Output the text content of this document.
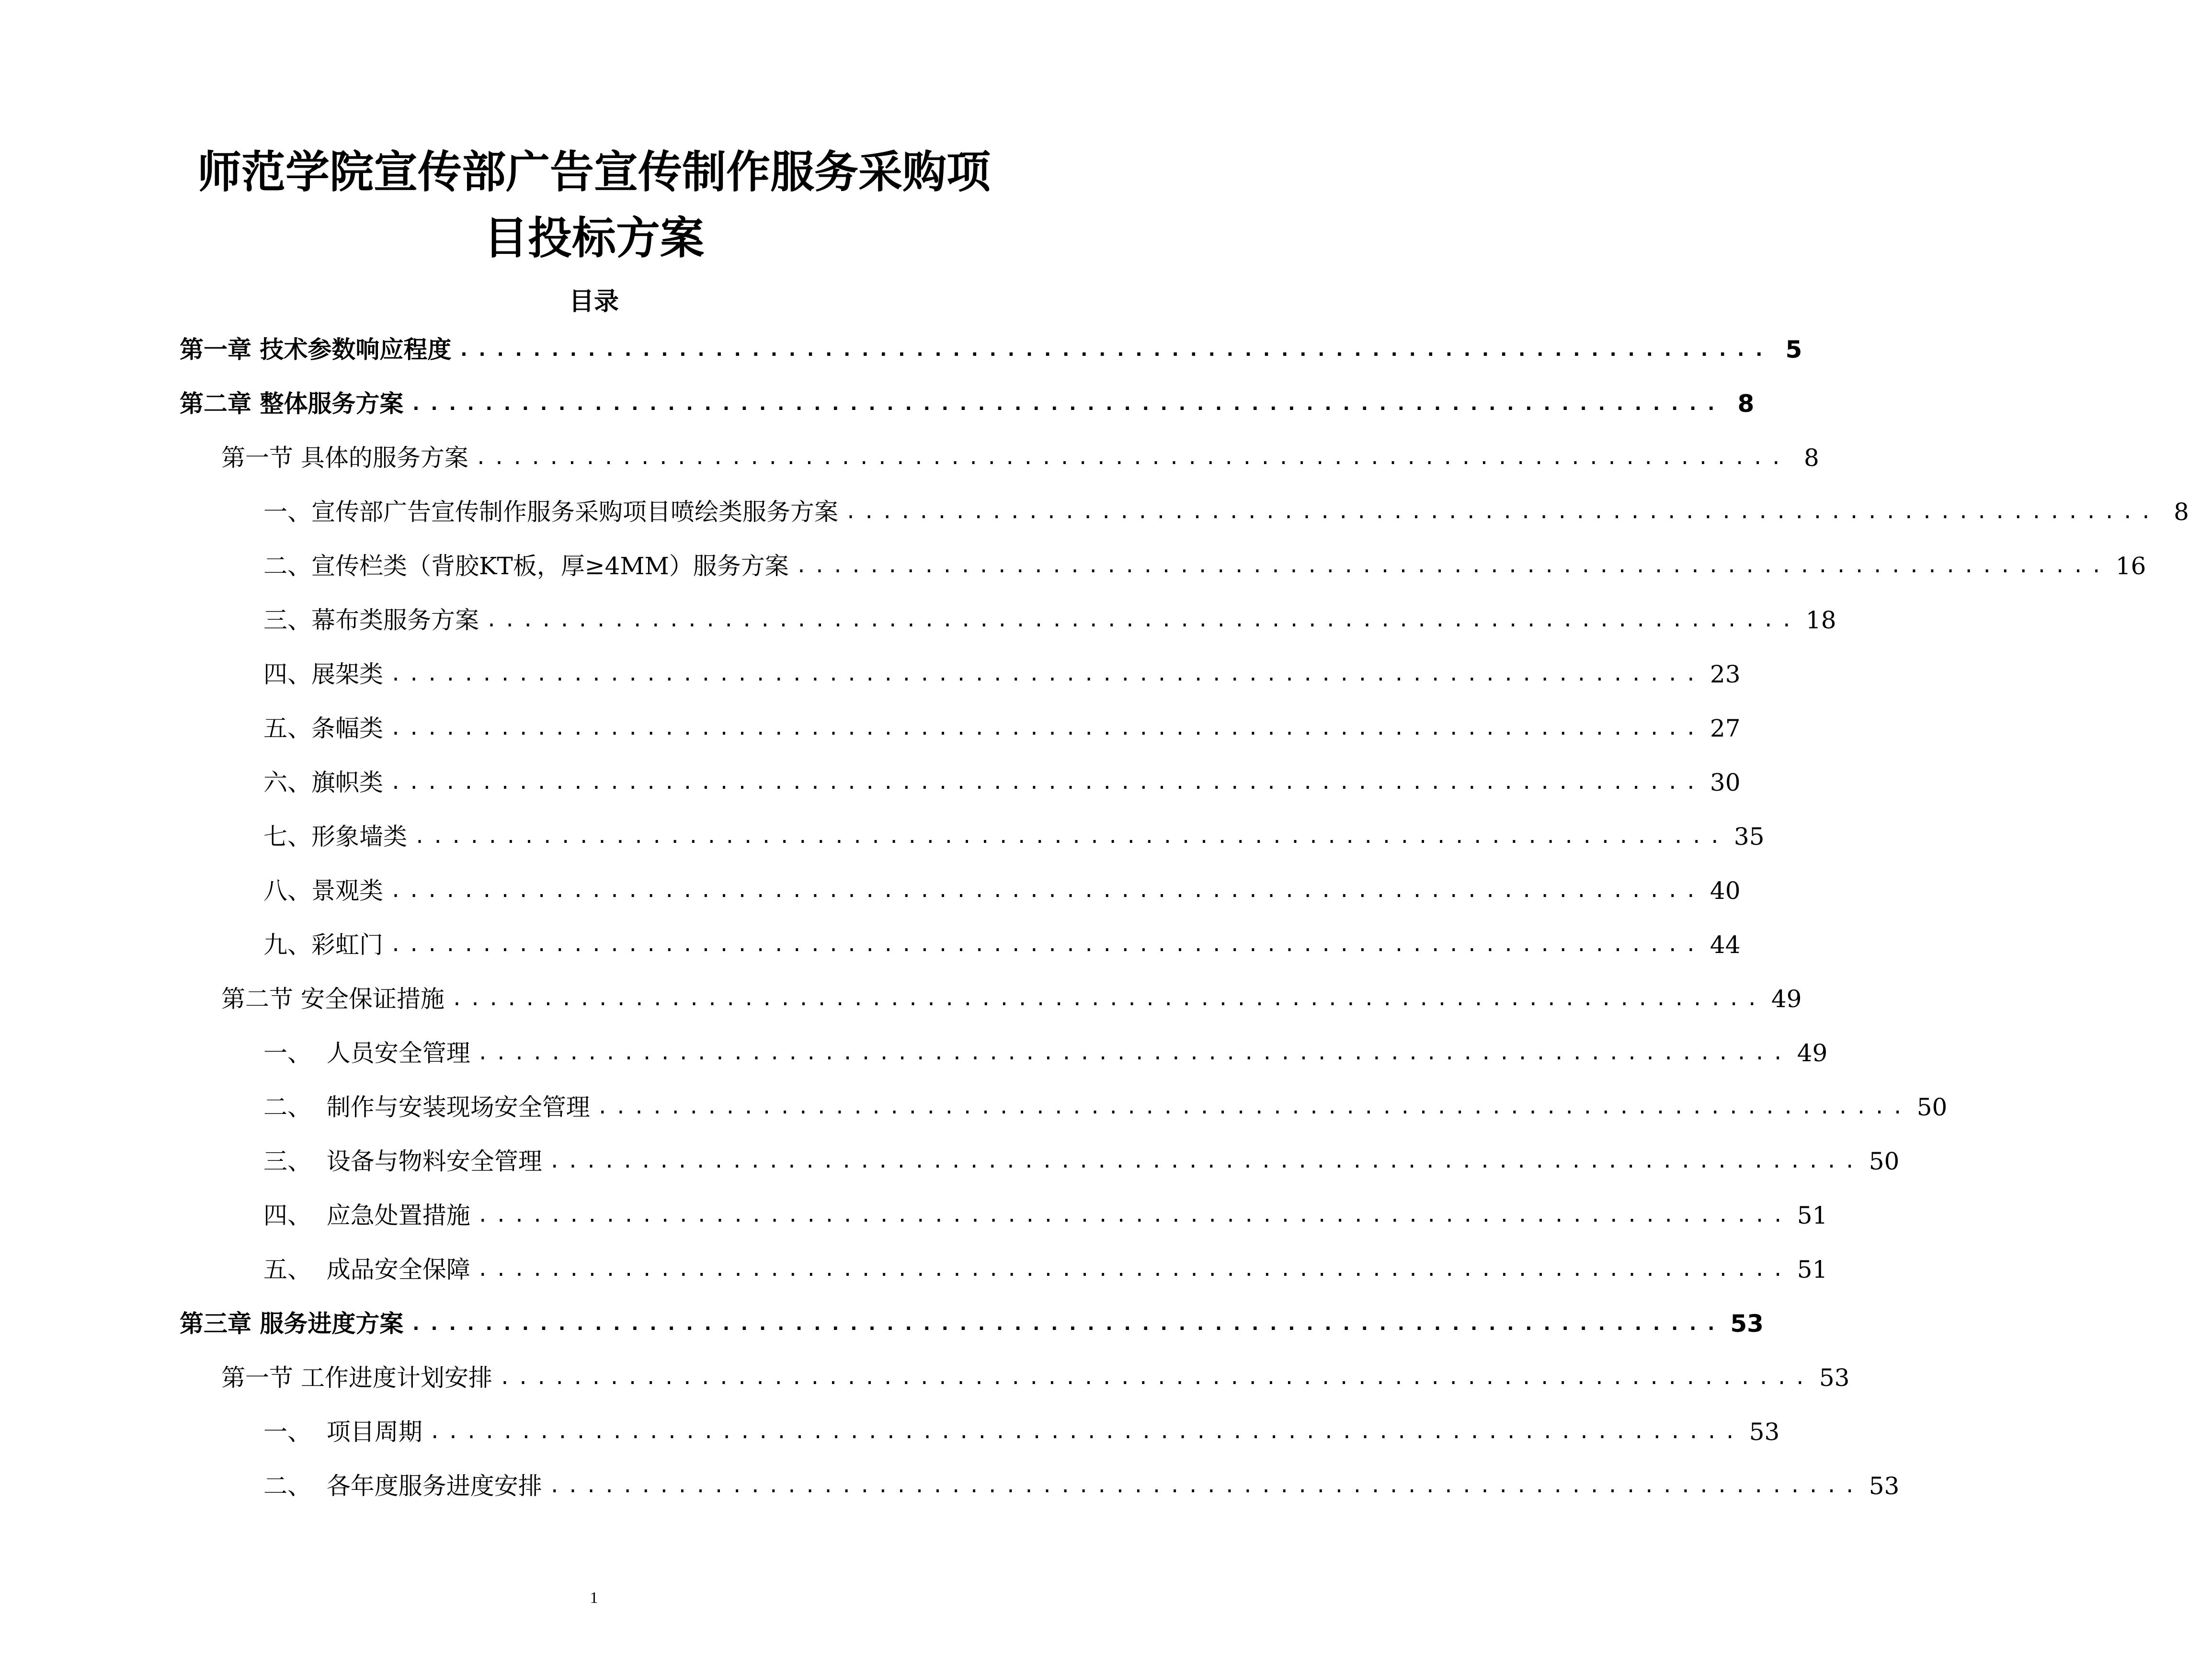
师范学院宣传部广告宣传制作服务采购项
目投标方案
目录
第一章 技术参数响应程度 ........................................................................ 5
第二章 整体服务方案 ........................................................................ 8
第一节 具体的服务方案 ........................................................................ 8
一、宣传部广告宣传制作服务采购项目喷绘类服务方案 ........................................................................ 8
二、宣传栏类（背胶KT板，厚≥4MM）服务方案 ........................................................................ 16
三、幕布类服务方案 ........................................................................ 18
四、展架类 ........................................................................ 23
五、条幅类 ........................................................................ 27
六、旗帜类 ........................................................................ 30
七、形象墙类 ........................................................................ 35
八、景观类 ........................................................................ 40
九、彩虹门 ........................................................................ 44
第二节 安全保证措施 ........................................................................ 49
一、  人员安全管理 ........................................................................ 49
二、  制作与安装现场安全管理 ........................................................................ 50
三、  设备与物料安全管理 ........................................................................ 50
四、  应急处置措施 ........................................................................ 51
五、  成品安全保障 ........................................................................ 51
第三章 服务进度方案 ........................................................................ 53
第一节 工作进度计划安排 ........................................................................ 53
一、  项目周期 ........................................................................ 53
二、  各年度服务进度安排 ........................................................................ 53
1
